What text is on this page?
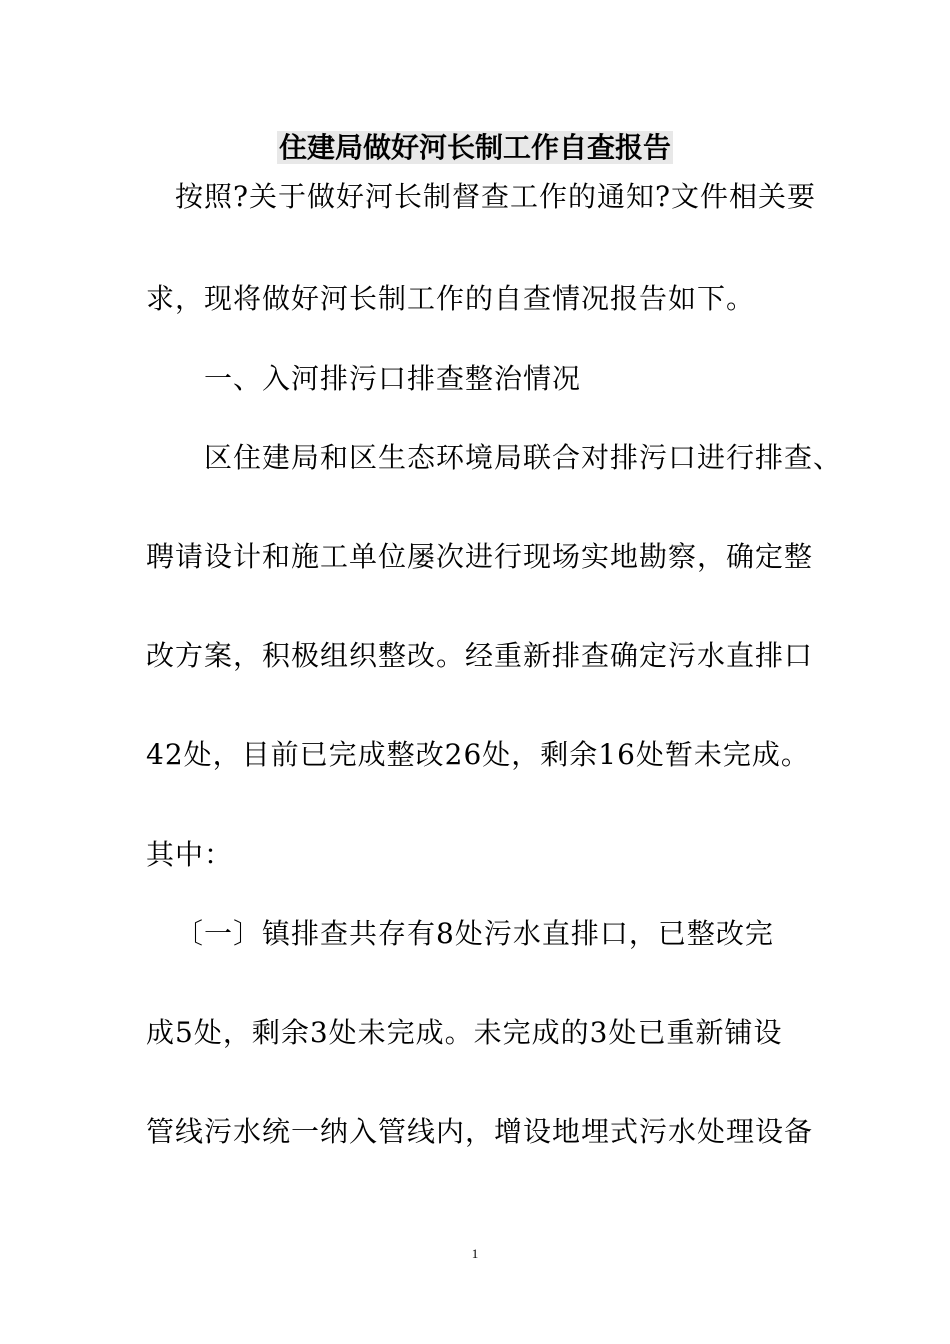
住建局做好河长制工作自查报告
按照?关于做好河长制督查工作的通知?文件相关要
求，现将做好河长制工作的自查情况报告如下。
一、入河排污口排查整治情况
区住建局和区生态环境局联合对排污口进行排查、
聘请设计和施工单位屡次进行现场实地勘察，确定整
改方案，积极组织整改。经重新排查确定污水直排口
42处，目前已完成整改26处，剩余16处暂未完成。
其中：
〔一〕镇排查共存有8处污水直排口，已整改完
成5处，剩余3处未完成。未完成的3处已重新铺设
管线污水统一纳入管线内，增设地埋式污水处理设备
1
